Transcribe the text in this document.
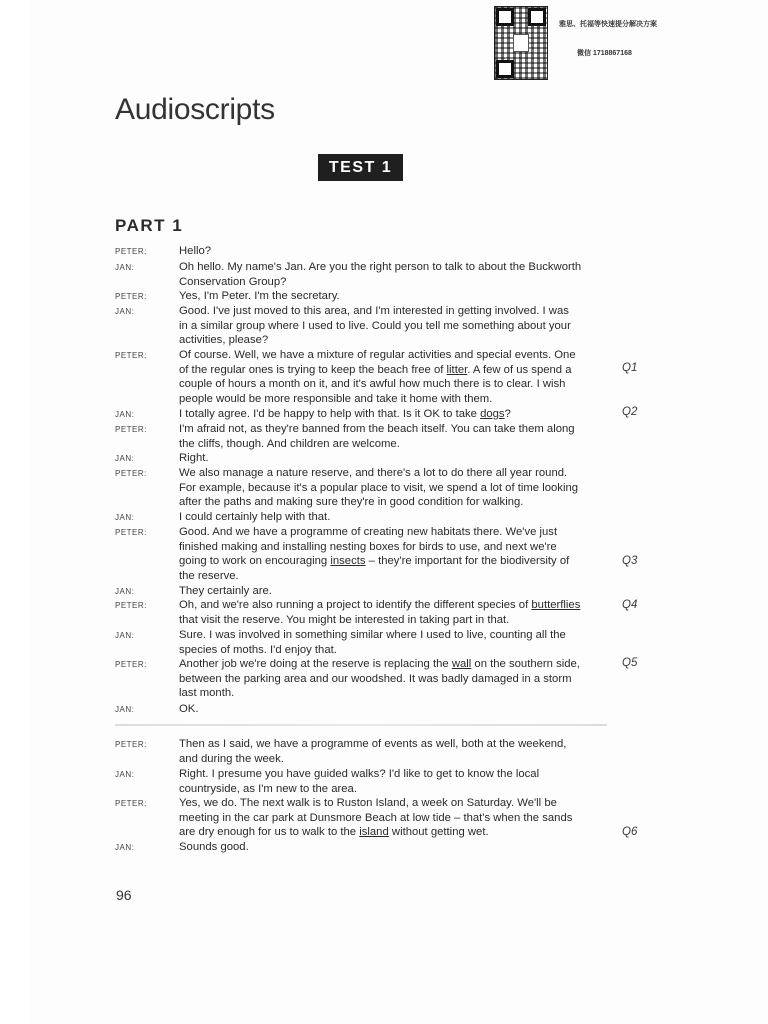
雅思、托福等快速提分解决方案
微信 1718867168
Audioscripts
TEST 1
PART 1
PETER:	Hello?
JAN:	Oh hello. My name's Jan. Are you the right person to talk to about the Buckworth
Conservation Group?
PETER:	Yes, I'm Peter. I'm the secretary.
JAN:	Good. I've just moved to this area, and I'm interested in getting involved. I was
in a similar group where I used to live. Could you tell me something about your
activities, please?
PETER:	Of course. Well, we have a mixture of regular activities and special events. One
of the regular ones is trying to keep the beach free of litter. A few of us spend a
couple of hours a month on it, and it's awful how much there is to clear. I wish
people would be more responsible and take it home with them.
JAN:	I totally agree. I'd be happy to help with that. Is it OK to take dogs?
PETER:	I'm afraid not, as they're banned from the beach itself. You can take them along
the cliffs, though. And children are welcome.
JAN:	Right.
PETER:	We also manage a nature reserve, and there's a lot to do there all year round.
For example, because it's a popular place to visit, we spend a lot of time looking
after the paths and making sure they're in good condition for walking.
JAN:	I could certainly help with that.
PETER:	Good. And we have a programme of creating new habitats there. We've just
finished making and installing nesting boxes for birds to use, and next we're
going to work on encouraging insects – they're important for the biodiversity of
the reserve.
JAN:	They certainly are.
PETER:	Oh, and we're also running a project to identify the different species of butterflies
that visit the reserve. You might be interested in taking part in that.
JAN:	Sure. I was involved in something similar where I used to live, counting all the
species of moths. I'd enjoy that.
PETER:	Another job we're doing at the reserve is replacing the wall on the southern side,
between the parking area and our woodshed. It was badly damaged in a storm
last month.
JAN:	OK.
PETER:	Then as I said, we have a programme of events as well, both at the weekend,
and during the week.
JAN:	Right. I presume you have guided walks? I'd like to get to know the local
countryside, as I'm new to the area.
PETER:	Yes, we do. The next walk is to Ruston Island, a week on Saturday. We'll be
meeting in the car park at Dunsmore Beach at low tide – that's when the sands
are dry enough for us to walk to the island without getting wet.
JAN:	Sounds good.
Q1
Q2
Q3
Q4
Q5
Q6
96
